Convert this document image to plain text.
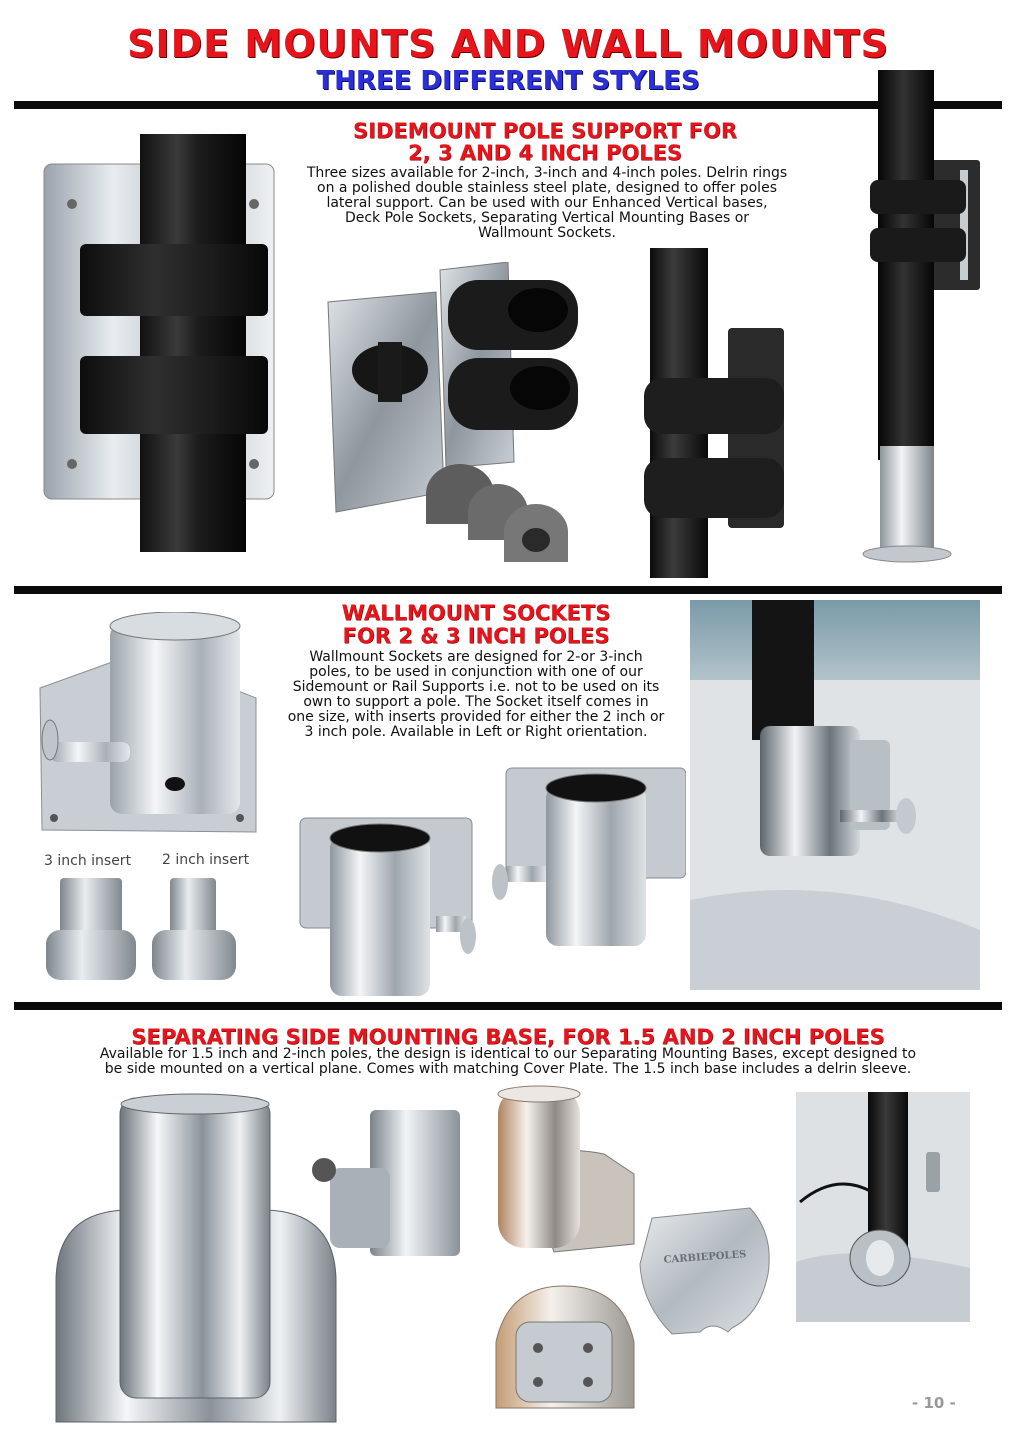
SIDE MOUNTS AND WALL MOUNTS
THREE DIFFERENT STYLES
SIDEMOUNT POLE SUPPORT FOR
2, 3 AND 4 INCH POLES
Three sizes available for 2-inch, 3-inch and 4-inch poles. Delrin rings
on a polished double stainless steel plate, designed to offer poles
lateral support. Can be used with our Enhanced Vertical bases,
Deck Pole Sockets, Separating Vertical Mounting Bases or
Wallmount Sockets.
3 inch insert 2 inch insert
WALLMOUNT SOCKETS
FOR 2 & 3 INCH POLES
Wallmount Sockets are designed for 2-or 3-inch
poles, to be used in conjunction with one of our
Sidemount or Rail Supports i.e. not to be used on its
own to support a pole. The Socket itself comes in
one size, with inserts provided for either the 2 inch or
3 inch pole. Available in Left or Right orientation.
SEPARATING SIDE MOUNTING BASE, FOR 1.5 AND 2 INCH POLES
Available for 1.5 inch and 2-inch poles, the design is identical to our Separating Mounting Bases, except designed to
be side mounted on a vertical plane. Comes with matching Cover Plate. The 1.5 inch base includes a delrin sleeve.
CARBIEPOLES
- 10 -
